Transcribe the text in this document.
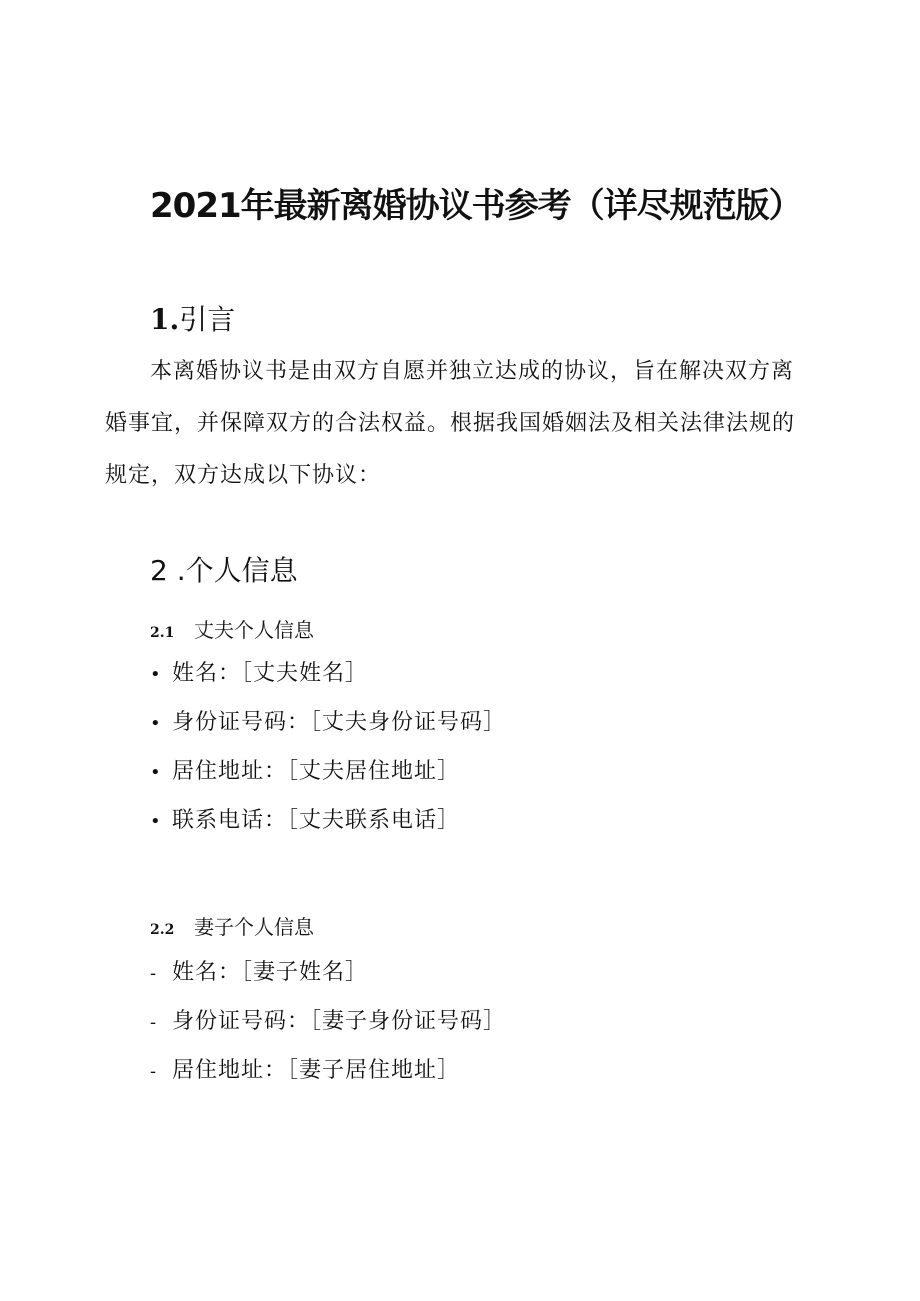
2021年最新离婚协议书参考（详尽规范版）
1.引言
本离婚协议书是由双方自愿并独立达成的协议，旨在解决双方离
婚事宜，并保障双方的合法权益。根据我国婚姻法及相关法律法规的
规定，双方达成以下协议：
2 .个人信息
2.1 丈夫个人信息
• 姓名：［丈夫姓名］
• 身份证号码：［丈夫身份证号码］
• 居住地址：［丈夫居住地址］
• 联系电话：［丈夫联系电话］
2.2 妻子个人信息
- 姓名：［妻子姓名］
- 身份证号码：［妻子身份证号码］
- 居住地址：［妻子居住地址］
